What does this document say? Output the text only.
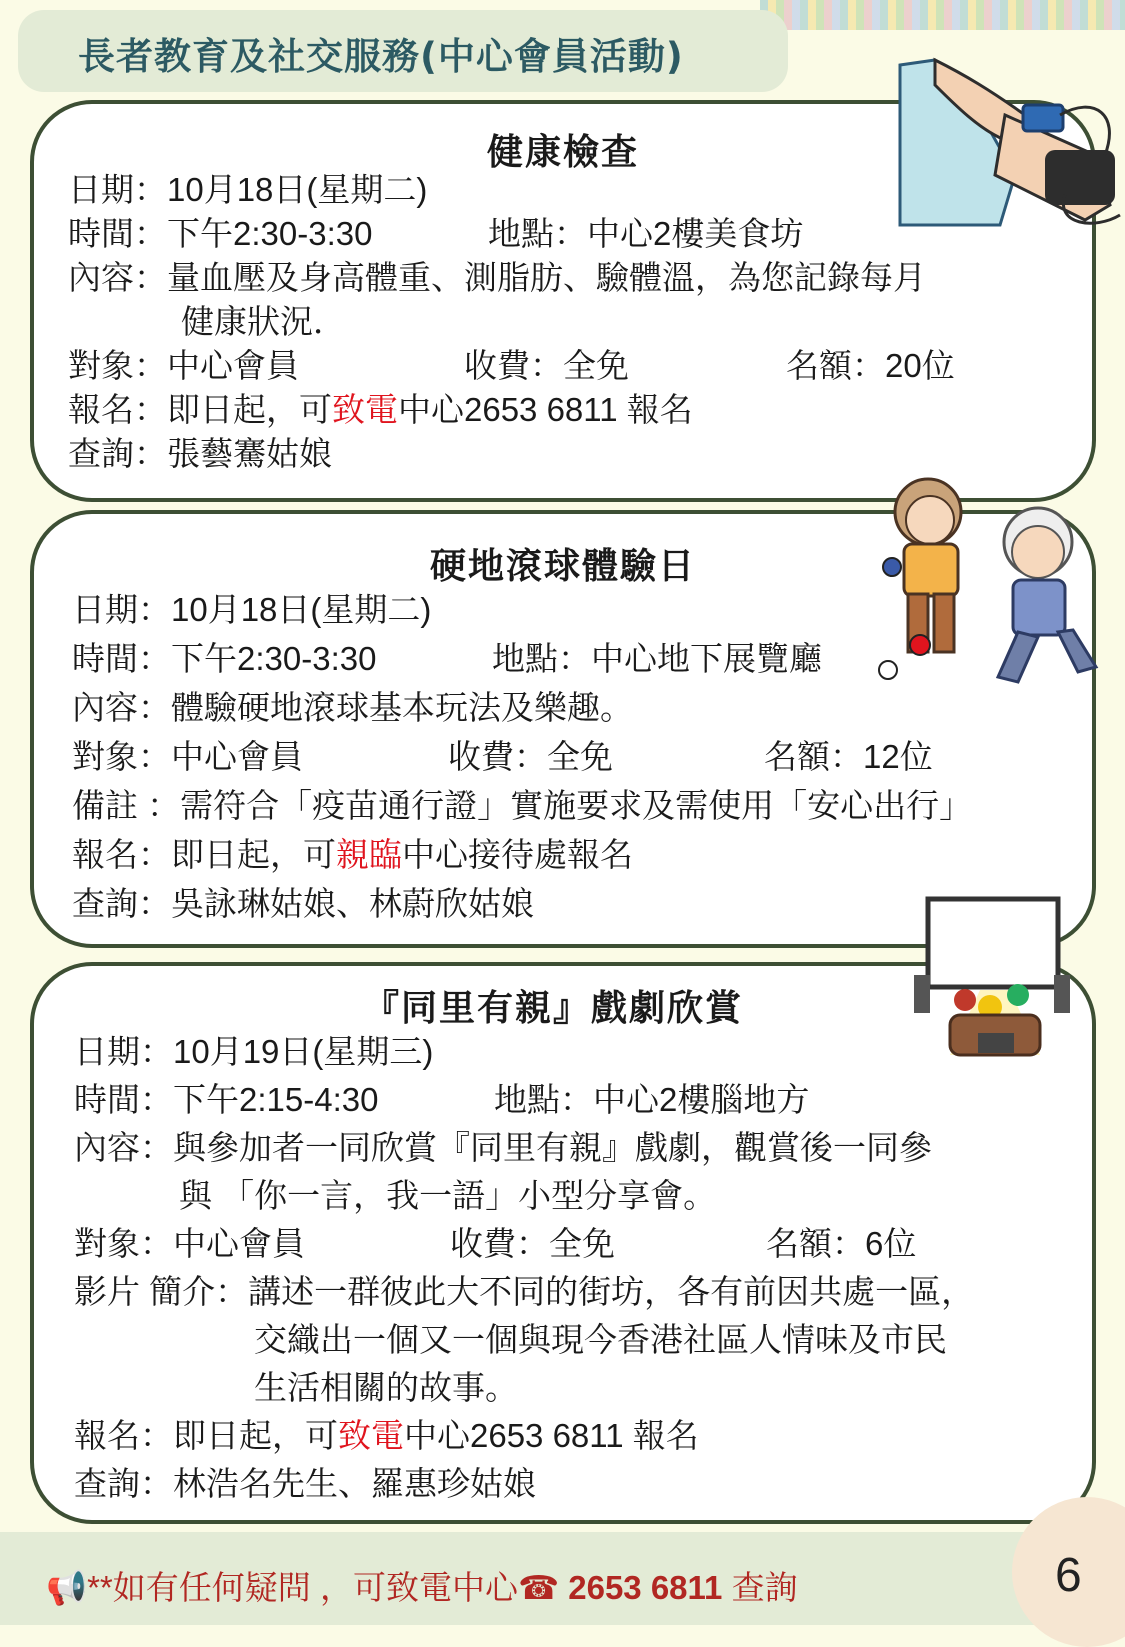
長者教育及社交服務(中心會員活動)
健康檢查
日期：10月18日(星期二)
時間：下午2:30-3:30	地點：中心2樓美食坊
內容：量血壓及身高體重、測脂肪、驗體溫，為您記錄每月
健康狀況．
對象：中心會員	收費：全免	名額：20位
報名：即日起，可致電中心2653 6811 報名
查詢：張藝騫姑娘
硬地滾球體驗日
日期：10月18日(星期二)
時間：下午2:30-3:30	地點：中心地下展覽廳
內容：體驗硬地滾球基本玩法及樂趣。
對象：中心會員	收費：全免	名額：12位
備註 ：需符合「疫苗通行證」實施要求及需使用「安心出行」
報名：即日起，可親臨中心接待處報名
查詢：吳詠琳姑娘、林蔚欣姑娘
『同里有親』戲劇欣賞
日期：10月19日(星期三)
時間：下午2:15-4:30	地點：中心2樓腦地方
內容：與參加者一同欣賞『同里有親』戲劇，觀賞後一同參
與 「你一言，我一語」小型分享會。
對象：中心會員	收費：全免	名額：6位
影片 簡介：講述一群彼此大不同的街坊，各有前因共處一區，
交織出一個又一個與現今香港社區人情味及市民
生活相關的故事。
報名：即日起，可致電中心2653 6811 報名
查詢：林浩名先生、羅惠珍姑娘
📢**如有任何疑問 ，可致電中心☎ 2653 6811 查詢	6
